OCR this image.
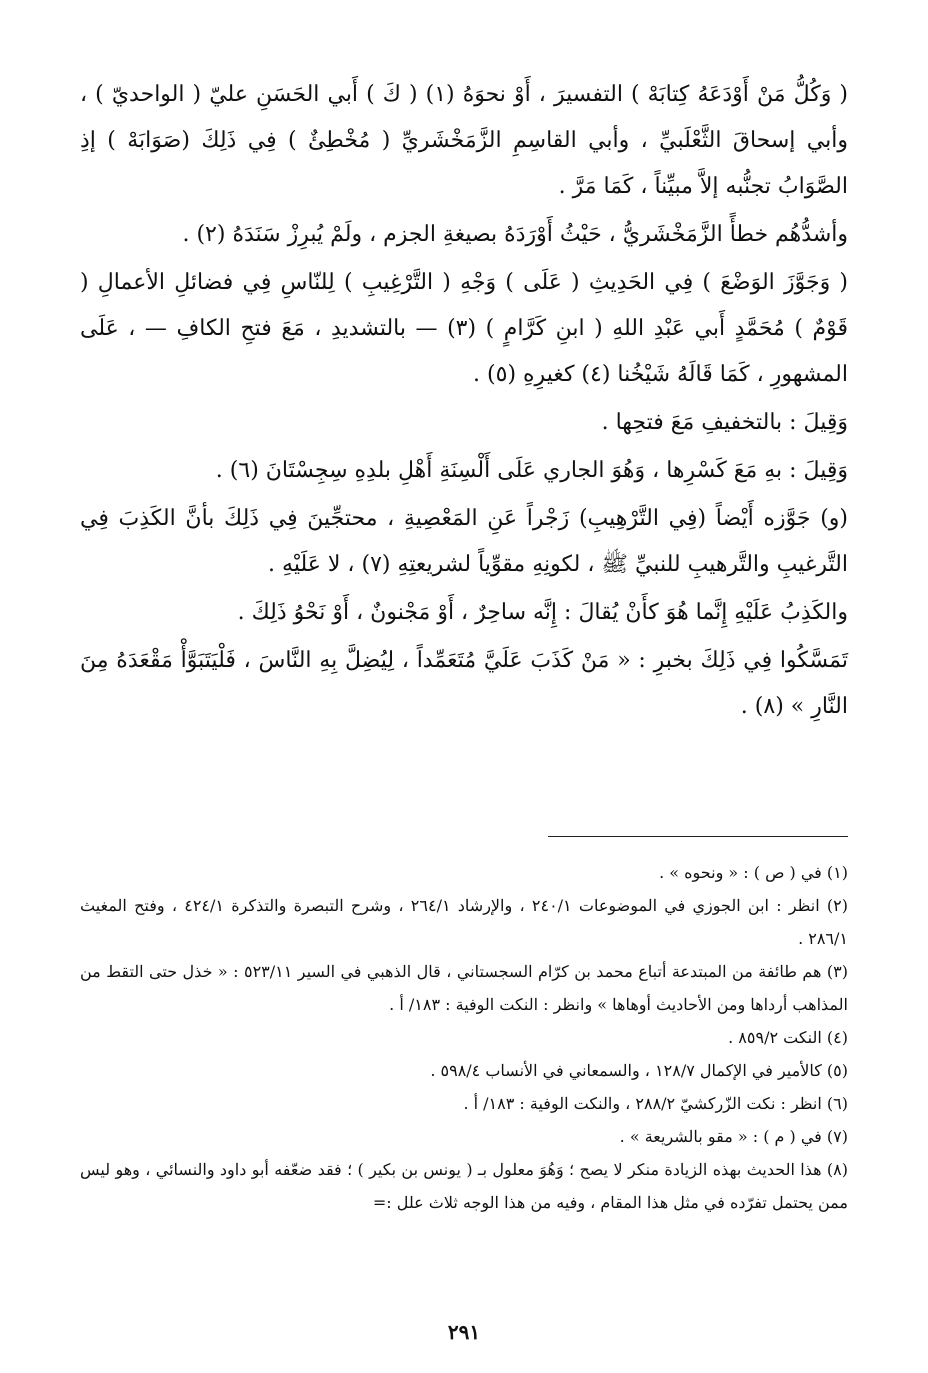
( وَكُلُّ مَنْ أَوْدَعَهُ كِتابَهْ ) التفسيرَ ، أَوْ نحوَهُ (١) ( كَ ) أَبي الحَسَنِ عليّ ( الواحديّ ) ، وأبي إسحاقَ الثَّعْلَبيِّ ، وأبي القاسِمِ الزَّمَخْشَريِّ ( مُخْطِئٌ ) فِي ذَلِكَ (صَوَابَهْ ) إذِ الصَّوَابُ تجنُّبه إلاَّ مبيِّناً ، كَمَا مَرَّ .

وأشدُّهُم خطأً الزَّمَخْشَريُّ ، حَيْثُ أَوْرَدَهُ بصيغةِ الجزم ، ولَمْ يُبرِزْ سَنَدَهُ (٢) .

( وَجَوَّزَ الوَضْعَ ) فِي الحَدِيثِ ( عَلَى ) وَجْهِ ( التَّرْغِيبِ ) لِلنّاسِ فِي فضائلِ الأعمالِ ( قَوْمٌ ) مُحَمَّدٍ أَبي عَبْدِ اللهِ ( ابنِ كَرَّامٍ ) (٣) — بالتشديدِ ، مَعَ فتحِ الكافِ — ، عَلَى المشهورِ ، كَمَا قَالَهُ شَيْخُنا (٤) كغيرِهِ (٥) .

وَقِيلَ : بالتخفيفِ مَعَ فتحِها .

وَقِيلَ : بهِ مَعَ كَسْرِها ، وَهُوَ الجاري عَلَى أَلْسِنَةِ أَهْلِ بلدِهِ سِجِسْتَانَ (٦) .

(و) جَوَّزه أَيْضاً (فِي التَّرْهِيبِ) زَجْراً عَنِ المَعْصِيةِ ، محتجِّينَ فِي ذَلِكَ بأنَّ الكَذِبَ فِي التَّرغيبِ والتَّرهيبِ للنبيِّ ﷺ ، لكونِهِ مقوِّياً لشريعتِهِ (٧) ، لا عَلَيْهِ .

والكَذِبُ عَلَيْهِ إِنَّما هُوَ كأَنْ يُقالَ : إِنَّه ساحِرٌ ، أَوْ مَجْنونٌ ، أَوْ نَحْوُ ذَلِكَ .

تَمَسَّكُوا فِي ذَلِكَ بخبرِ : « مَنْ كَذَبَ عَلَيَّ مُتَعَمِّداً ، لِيُضِلَّ بِهِ النَّاسَ ، فَلْيَتَبَوَّأْ مَقْعَدَهُ مِنَ النَّارِ » (٨) .

(١) في ( ص ) : « ونحوه » .

(٢) انظر : ابن الجوزي في الموضوعات ٢٤٠/١ ، والإرشاد ٢٦٤/١ ، وشرح التبصرة والتذكرة ٤٢٤/١ ، وفتح المغيث ٢٨٦/١ .

(٣) هم طائفة من المبتدعة أتباع محمد بن كرّام السجستاني ، قال الذهبي في السير ٥٢٣/١١ : « خذل حتى التقط من المذاهب أرداها ومن الأحاديث أوهاها » وانظر : النكت الوفية : ١٨٣/ أ .

(٤) النكت ٨٥٩/٢ .

(٥) كالأمير في الإكمال ١٢٨/٧ ، والسمعاني في الأنساب ٥٩٨/٤ .

(٦) انظر : نكت الزّركشيّ ٢٨٨/٢ ، والنكت الوفية : ١٨٣/ أ .

(٧) في ( م ) : « مقو بالشريعة » .

(٨) هذا الحديث بهذه الزيادة منكر لا يصح ؛ وَهُوَ معلول بـ ( يونس بن بكير ) ؛ فقد ضعّفه أبو داود والنسائي ، وهو ليس ممن يحتمل تفرّده في مثل هذا المقام ، وفيه من هذا الوجه ثلاث علل :=

٢٩١
